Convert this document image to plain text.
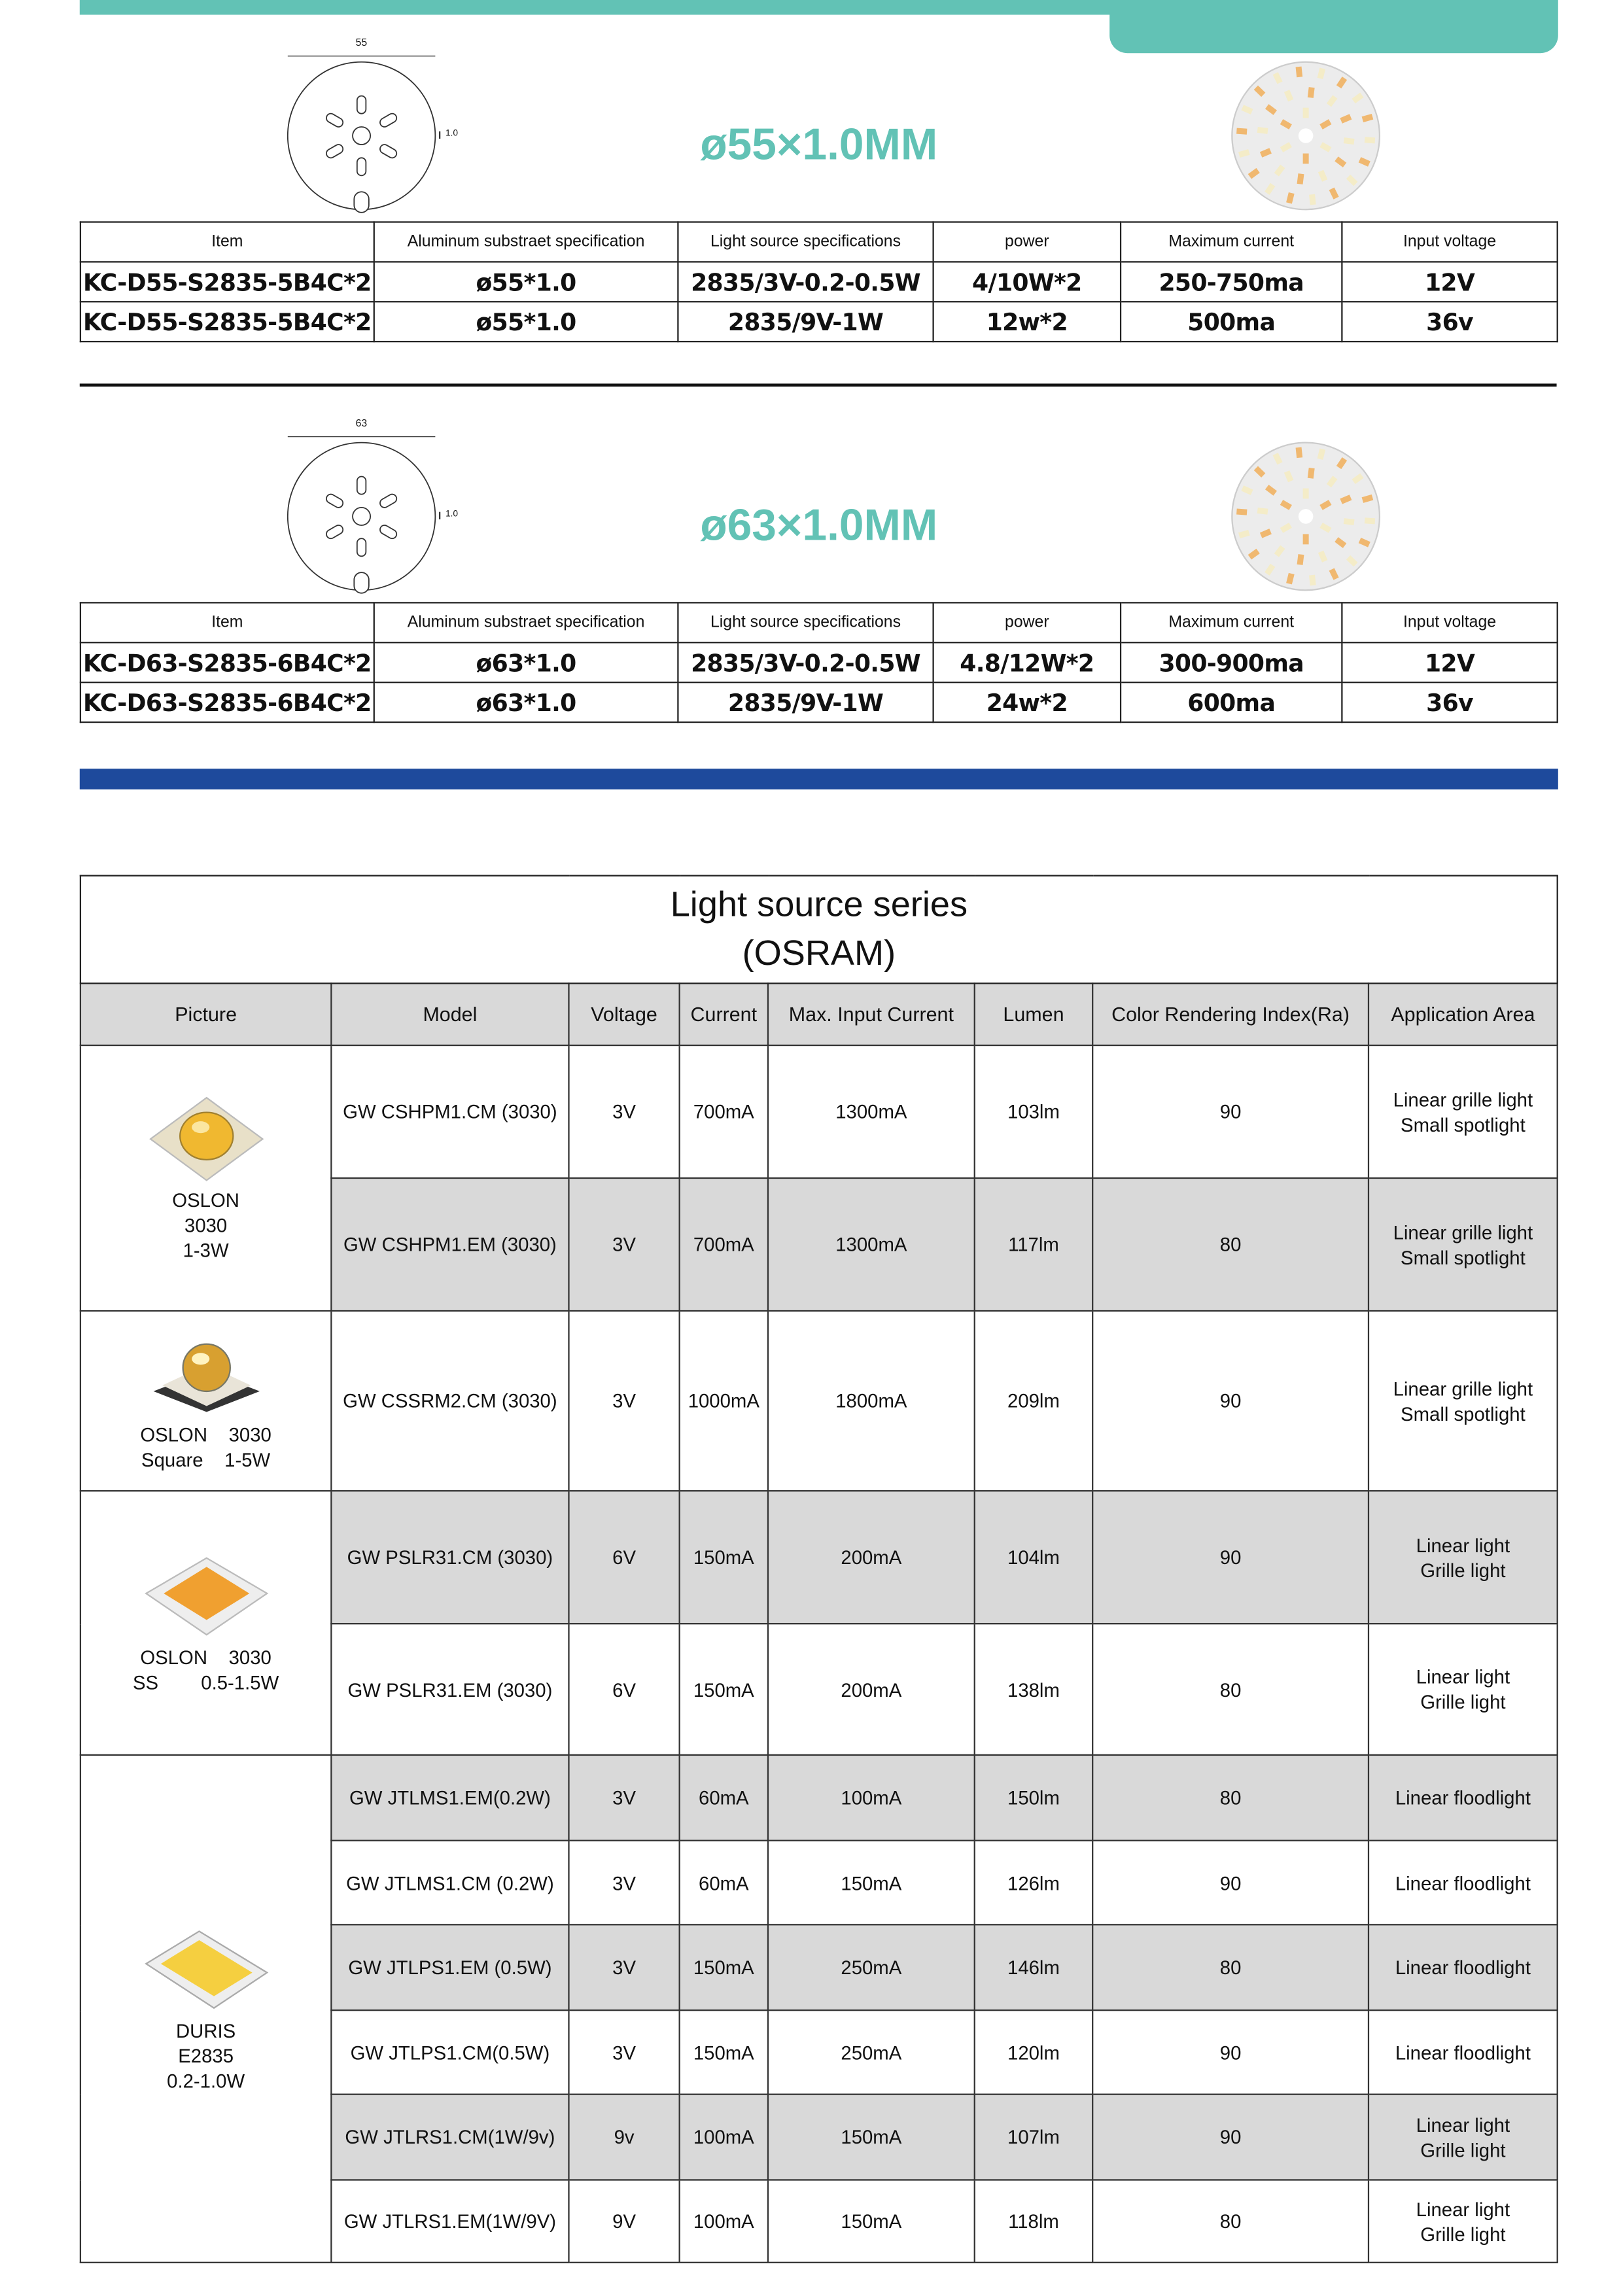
55
1.0	ø55×1.0MM
Item	Aluminum substraet specification	Light source specifications	power	Maximum current	Input voltage
KC-D55-S2835-5B4C*2	ø55*1.0	2835/3V-0.2-0.5W	4/10W*2	250-750ma	12V
KC-D55-S2835-5B4C*2	ø55*1.0	2835/9V-1W	12w*2	500ma	36v
63
1.0	ø63×1.0MM
Item	Aluminum substraet specification	Light source specifications	power	Maximum current	Input voltage
KC-D63-S2835-6B4C*2	ø63*1.0	2835/3V-0.2-0.5W	4.8/12W*2	300-900ma	12V
KC-D63-S2835-6B4C*2	ø63*1.0	2835/9V-1W	24w*2	600ma	36v
Light source series
(OSRAM)							
Picture	Model	Voltage	Current	Max. Input Current	Lumen	Color Rendering Index(Ra)	Application Area

OSLON
3030
1-3W	GW CSHPM1.CM (3030)	3V	700mA	1300mA	103lm	90	Linear grille light
Small spotlight
	GW CSHPM1.EM (3030)	3V	700mA	1300mA	117lm	80	Linear grille light
Small spotlight

OSLON    3030
Square    1-5W	GW CSSRM2.CM (3030)	3V	1000mA	1800mA	209lm	90	Linear grille light
Small spotlight

OSLON    3030
SS        0.5-1.5W	GW PSLR31.CM (3030)	6V	150mA	200mA	104lm	90	Linear light
Grille light
	GW PSLR31.EM (3030)	6V	150mA	200mA	138lm	80	Linear light
Grille light

DURIS
E2835
0.2-1.0W	GW JTLMS1.EM(0.2W)	3V	60mA	100mA	150lm	80	Linear floodlight
	GW JTLMS1.CM (0.2W)	3V	60mA	150mA	126lm	90	Linear floodlight
	GW JTLPS1.EM (0.5W)	3V	150mA	250mA	146lm	80	Linear floodlight
	GW JTLPS1.CM(0.5W)	3V	150mA	250mA	120lm	90	Linear floodlight
	GW JTLRS1.CM(1W/9v)	9v	100mA	150mA	107lm	90	Linear light
Grille light
	GW JTLRS1.EM(1W/9V)	9V	100mA	150mA	118lm	80	Linear light
Grille light
